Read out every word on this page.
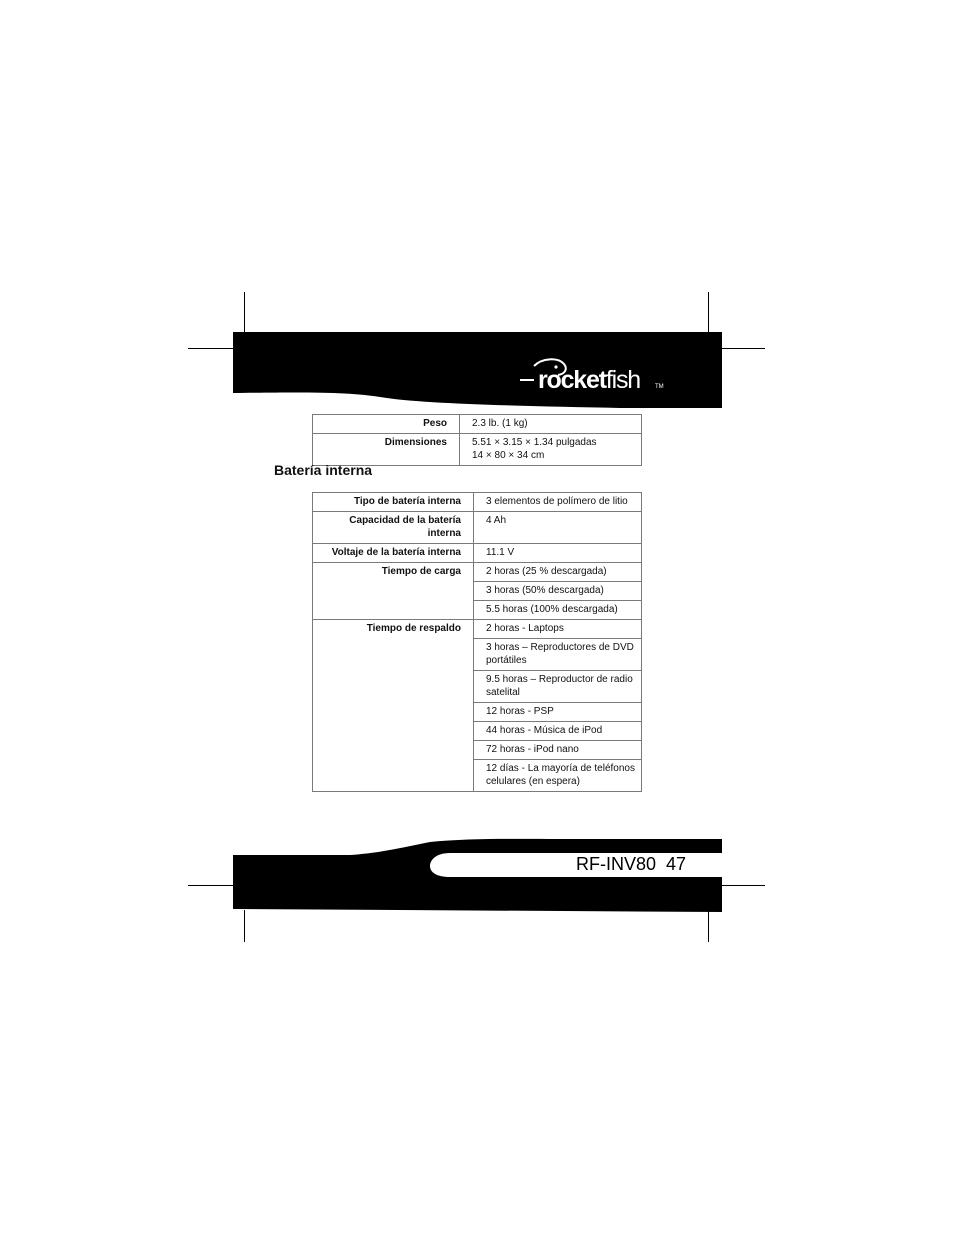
rocketfish	TM
Peso	2.3 lb. (1 kg)

Dimensiones	5.51 × 3.15 × 1.34 pulgadas
14 × 80 × 34 cm
Batería interna
Tipo de batería interna	3 elementos de polímero de litio
Capacidad de la batería interna	4 Ah
Voltaje de la batería interna	11.1 V
Tiempo de carga	2 horas (25 % descargada)
	3 horas (50% descargada)
	5.5 horas (100% descargada)
Tiempo de respaldo	2 horas - Laptops
	3 horas – Reproductores de DVD portátiles
	9.5 horas – Reproductor de radio satelital
	12 horas - PSP
	44 horas - Música de iPod
	72 horas - iPod nano
	12 días - La mayoría de teléfonos celulares (en espera)
RF-INV80 47
